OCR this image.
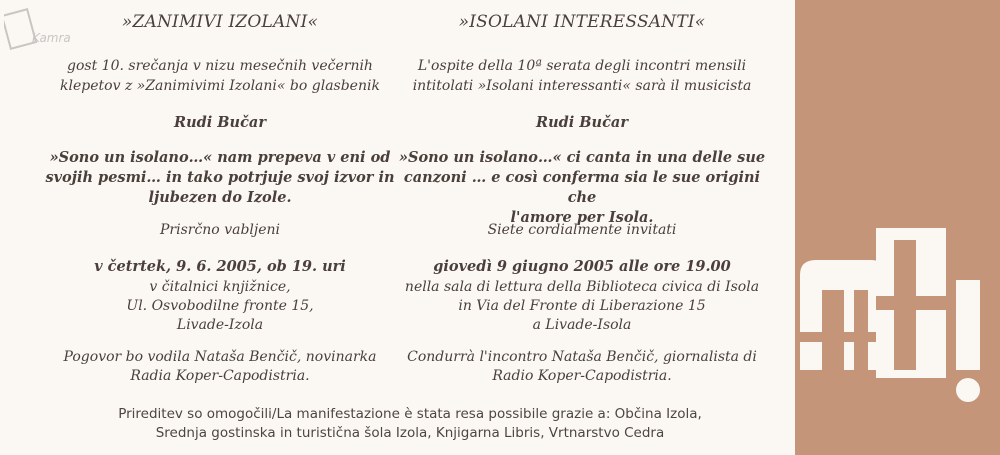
Kamra

»ZANIMIVI IZOLANI«

gost 10. srečanja v nizu mesečnih večernih

klepetov z »Zanimivimi Izolani« bo glasbenik

Rudi Bučar

»Sono un isolano…« nam prepeva v eni od

svojih pesmi… in tako potrjuje svoj izvor in

ljubezen do Izole.

Prisrčno vabljeni

v četrtek, 9. 6. 2005, ob 19. uri

v čitalnici knjižnice,

Ul. Osvobodilne fronte 15,

Livade-Izola

Pogovor bo vodila Nataša Benčič, novinarka

Radia Koper-Capodistria.

»ISOLANI INTERESSANTI«

L'ospite della 10ª serata degli incontri mensili

intitolati »Isolani interessanti« sarà il musicista

Rudi Bučar

»Sono un isolano…« ci canta in una delle sue

canzoni … e così conferma sia le sue origini che

l'amore per Isola.

Siete cordialmente invitati

giovedì 9 giugno 2005 alle ore 19.00

nella sala di lettura della Biblioteca civica di Isola

in Via del Fronte di Liberazione 15

a Livade-Isola

Condurrà l'incontro Nataša Benčič, giornalista di

Radio Koper-Capodistria.

Prireditev so omogočili/La manifestazione è stata resa possibile grazie a: Občina Izola,
Srednja gostinska in turistična šola Izola, Knjigarna Libris, Vrtnarstvo Cedra
